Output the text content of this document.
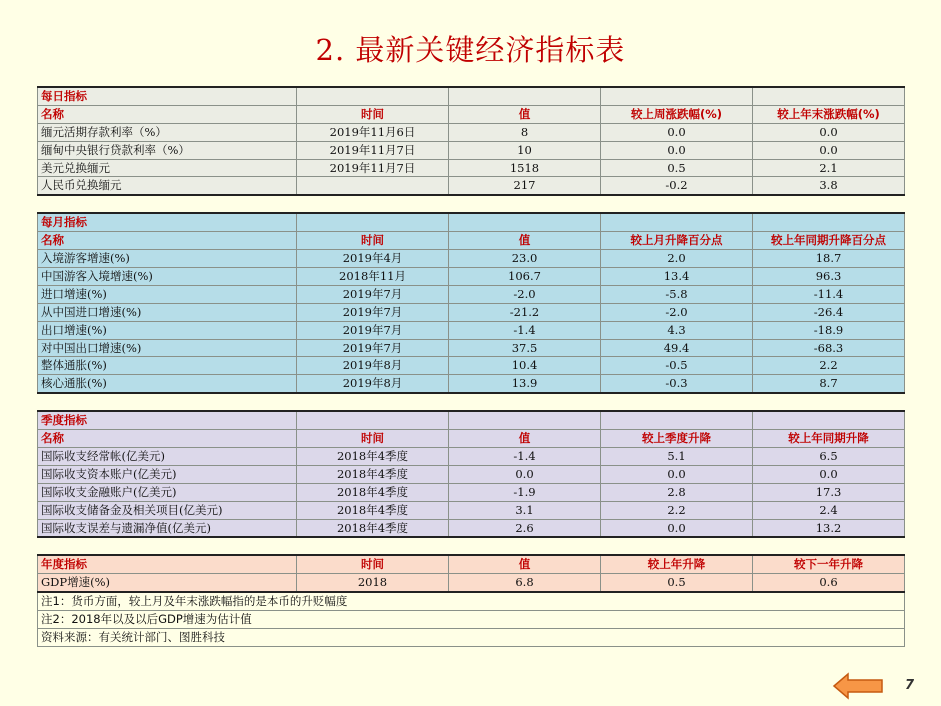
2. 最新关键经济指标表
每日指标				
名称	时间	值	较上周涨跌幅(%)	较上年末涨跌幅(%)
缅元活期存款利率（%）	2019年11月6日	8	0.0	0.0
缅甸中央银行贷款利率（%）	2019年11月7日	10	0.0	0.0
美元兑换缅元	2019年11月7日	1518	0.5	2.1
人民币兑换缅元		217	-0.2	3.8

每月指标				
名称	时间	值	较上月升降百分点	较上年同期升降百分点
入境游客增速(%)	2019年4月	23.0	2.0	18.7
中国游客入境增速(%)	2018年11月	106.7	13.4	96.3
进口增速(%)	2019年7月	-2.0	-5.8	-11.4
从中国进口增速(%)	2019年7月	-21.2	-2.0	-26.4
出口增速(%)	2019年7月	-1.4	4.3	-18.9
对中国出口增速(%)	2019年7月	37.5	49.4	-68.3
整体通胀(%)	2019年8月	10.4	-0.5	2.2
核心通胀(%)	2019年8月	13.9	-0.3	8.7

季度指标				
名称	时间	值	较上季度升降	较上年同期升降
国际收支经常帐(亿美元)	2018年4季度	-1.4	5.1	6.5
国际收支资本账户(亿美元)	2018年4季度	0.0	0.0	0.0
国际收支金融账户(亿美元)	2018年4季度	-1.9	2.8	17.3
国际收支储备金及相关项目(亿美元)	2018年4季度	3.1	2.2	2.4
国际收支误差与遗漏净值(亿美元)	2018年4季度	2.6	0.0	13.2

年度指标	时间	值	较上年升降	较下一年升降
GDP增速(%)	2018	6.8	0.5	0.6
注1：货币方面，较上月及年末涨跌幅指的是本币的升贬幅度				
注2：2018年以及以后GDP增速为估计值				
资料来源：有关统计部门、图胜科技				
7
